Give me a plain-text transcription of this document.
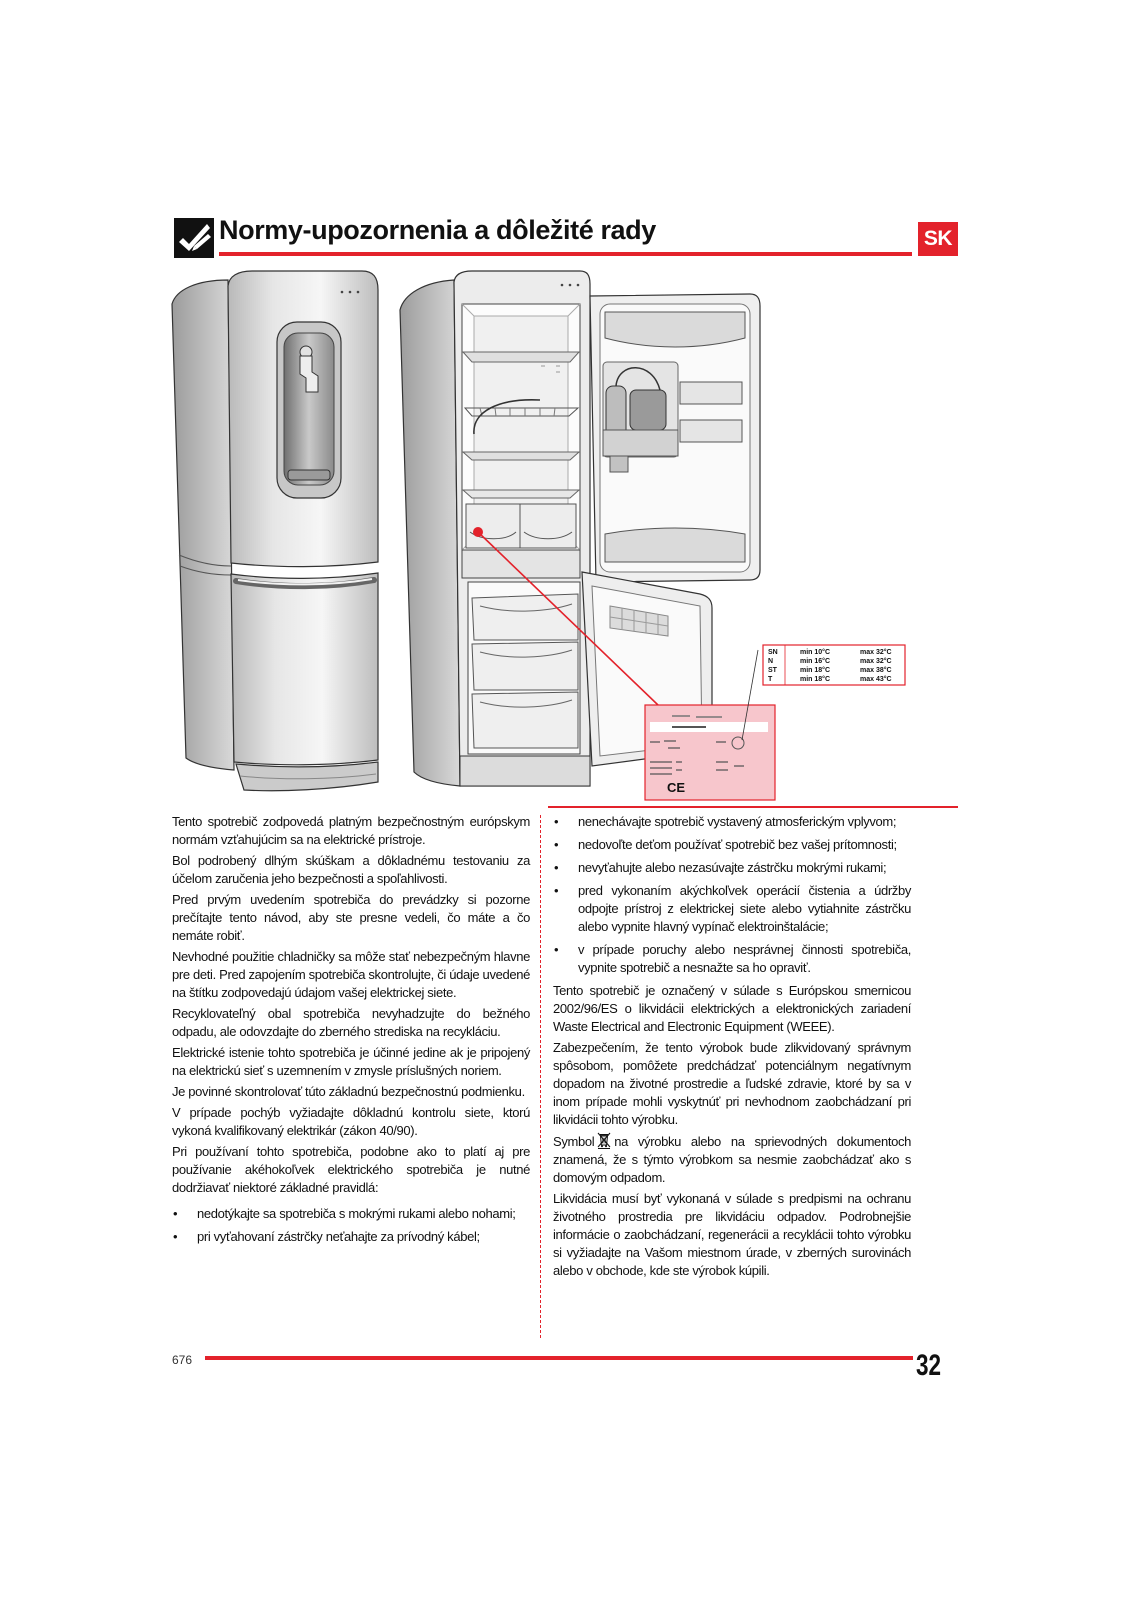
Normy-upozornenia a dôležité rady	SK
CE
SN	min 10°C	max 32°C
N	min 16°C	max 32°C
ST	min 18°C	max 38°C
T	min 18°C	max 43°C

Tento spotrebič zodpovedá platným bezpečnostným európskym normám vzťahujúcim sa na elektrické prístroje.

Bol podrobený dlhým skúškam a dôkladnému testovaniu za účelom zaručenia jeho bezpečnosti a spoľahlivosti.

Pred prvým uvedením spotrebiča do prevádzky si pozorne prečítajte tento návod, aby ste presne vedeli, čo máte a čo nemáte robiť.

Nevhodné použitie chladničky sa môže stať nebezpečným hlavne pre deti. Pred zapojením spotrebiča skontrolujte, či údaje uvedené na štítku zodpovedajú údajom vašej elektrickej siete.

Recyklovateľný obal spotrebiča nevyhadzujte do bežného odpadu, ale odovzdajte do zberného strediska na recykláciu.

Elektrické istenie tohto spotrebiča je účinné jedine ak je pripojený na elektrickú sieť s uzemnením v zmysle príslušných noriem.

Je povinné skontrolovať túto základnú bezpečnostnú podmienku.

V prípade pochýb vyžiadajte dôkladnú kontrolu siete, ktorú vykoná kvalifikovaný elektrikár (zákon 40/90).

Pri používaní tohto spotrebiča, podobne ako to platí aj pre používanie akéhokoľvek elektrického spotrebiča je nutné dodržiavať niektoré základné pravidlá:

• nedotýkajte sa spotrebiča s mokrými rukami alebo nohami;
• pri vyťahovaní zástrčky neťahajte za prívodný kábel;
• nenechávajte spotrebič vystavený atmosferickým vplyvom;
• nedovoľte deťom používať spotrebič bez vašej prítomnosti;
• nevyťahujte alebo nezasúvajte zástrčku mokrými rukami;
• pred vykonaním akýchkoľvek operácií čistenia a údržby odpojte prístroj z elektrickej siete alebo vytiahnite zástrčku alebo vypnite hlavný vypínač elektroinštalácie;
• v prípade poruchy alebo nesprávnej činnosti spotrebiča, vypnite spotrebič a nesnažte sa ho opraviť.

Tento spotrebič je označený v súlade s Európskou smernicou 2002/96/ES o likvidácii elektrických a elektronických zariadení Waste Electrical and Electronic Equipment (WEEE).

Zabezpečením, že tento výrobok bude zlikvidovaný správnym spôsobom, pomôžete predchádzať potenciálnym negatívnym dopadom na životné prostredie a ľudské zdravie, ktoré by sa v inom prípade mohli vyskytnúť pri nevhodnom zaobchádzaní pri likvidácii tohto výrobku.

Symbol na výrobku alebo na sprievodných dokumentoch znamená, že s týmto výrobkom sa nesmie zaobchádzať ako s domovým odpadom.

Likvidácia musí byť vykonaná v súlade s predpismi na ochranu životného prostredia pre likvidáciu odpadov. Podrobnejšie informácie o zaobchádzaní, regenerácii a recyklácii tohto výrobku si vyžiadajte na Vašom miestnom úrade, v zberných surovinách alebo v obchode, kde ste výrobok kúpili.

676	32
